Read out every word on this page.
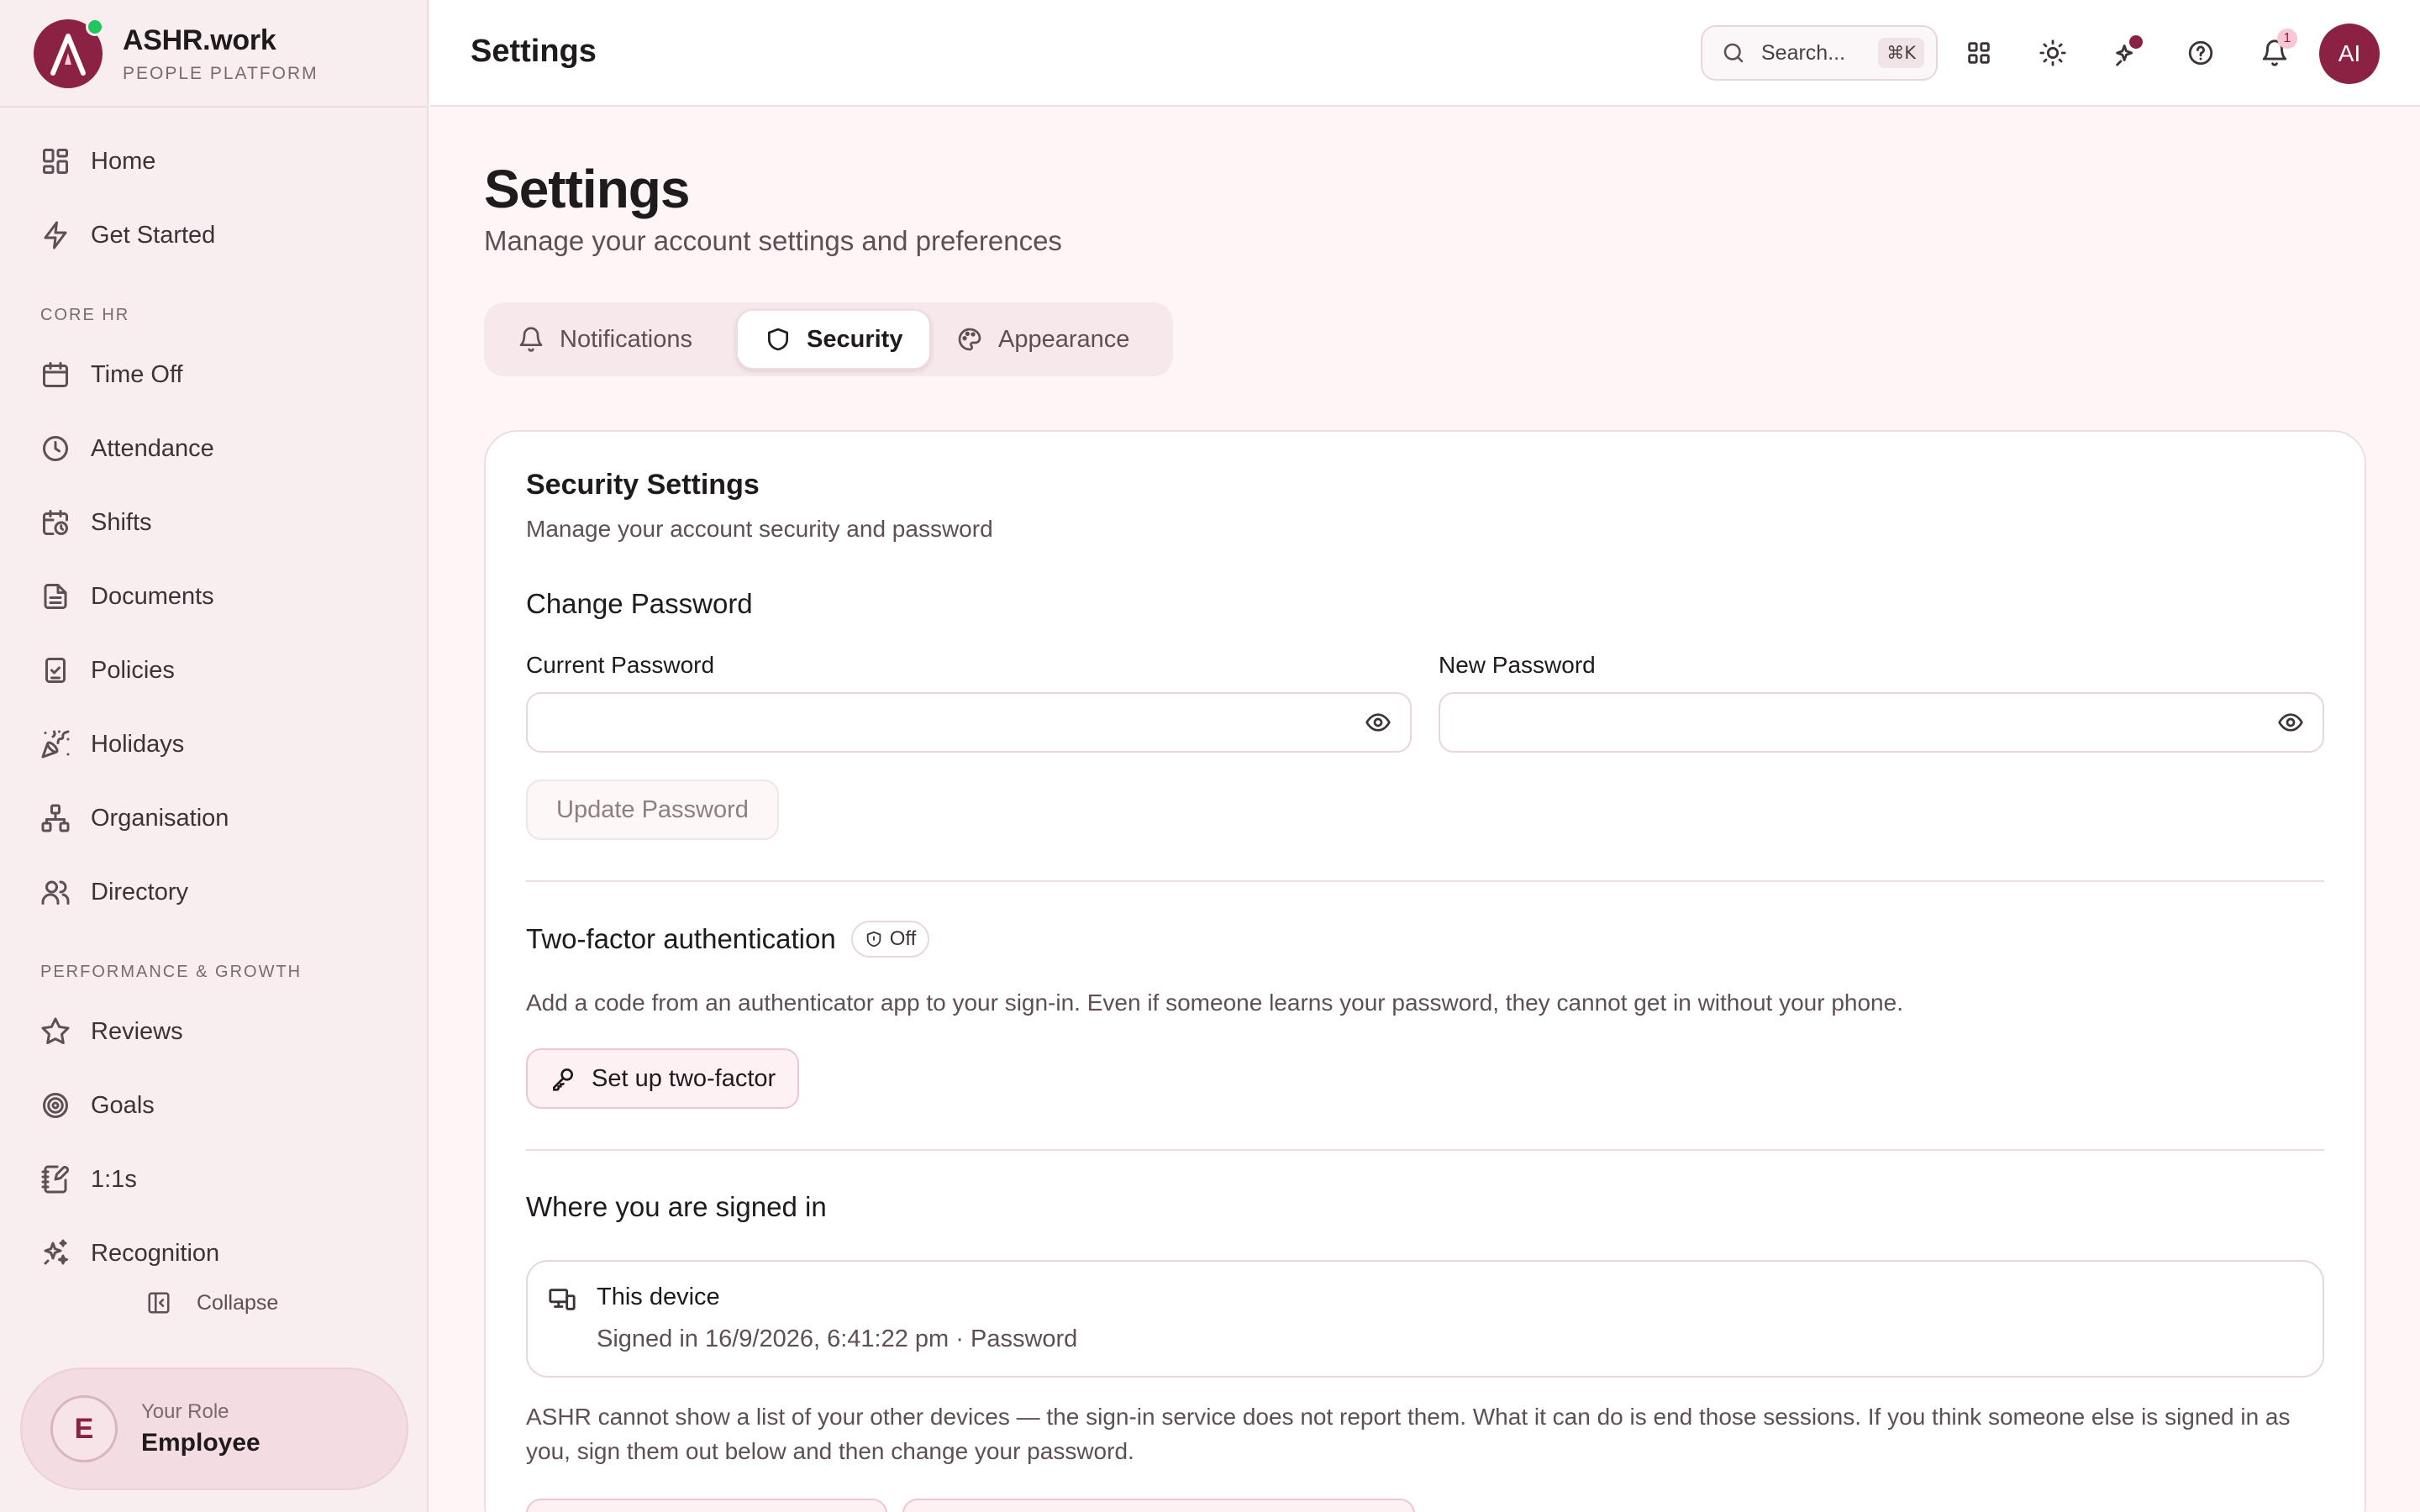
ASHR.work
PEOPLE PLATFORM
Home
Get Started
CORE HR
Time Off
Attendance
Shifts
Documents
Policies
Holidays
Organisation
Directory
PERFORMANCE & GROWTH
Reviews
Goals
1:1s
Recognition
Collapse
E
Your Role
Employee
Settings	Search...	⌘K
1
AI
Settings
Manage your account settings and preferences
Notifications	Security	Appearance
Security Settings
Manage your account security and password
Change Password
Current Password	New Password
Update Password
Two-factor authentication	Off
Add a code from an authenticator app to your sign-in. Even if someone learns your password, they cannot get in without your phone.
Set up two-factor
Where you are signed in
This device
Signed in 16/9/2026, 6:41:22 pm · Password
ASHR cannot show a list of your other devices — the sign-in service does not report them. What it can do is end those sessions. If you think someone else is signed in as you, sign them out below and then change your password.
